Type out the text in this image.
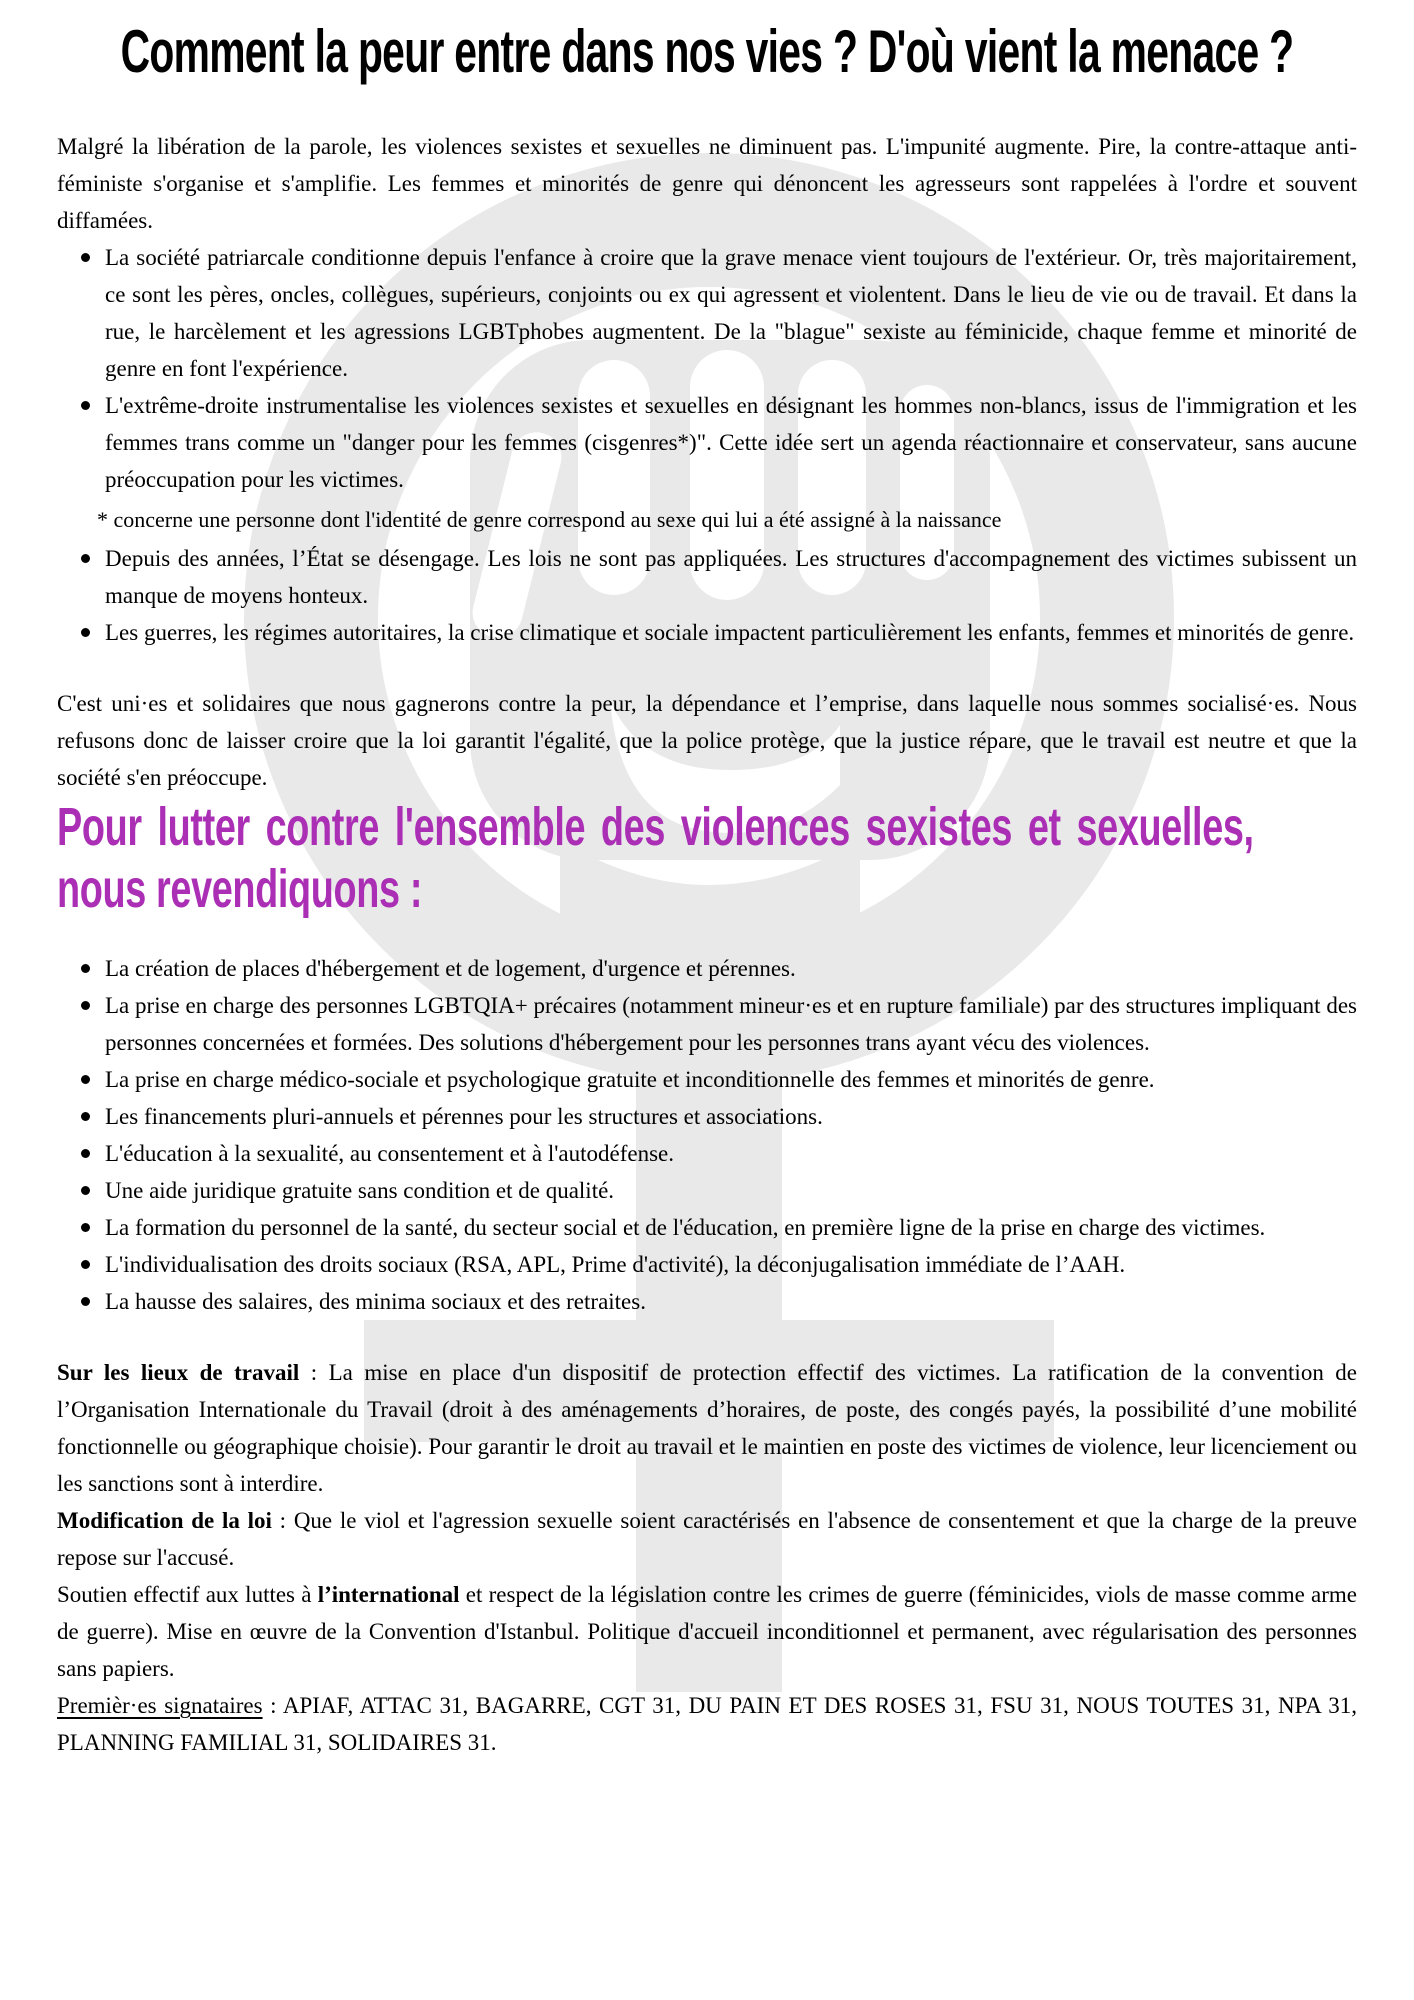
Comment la peur entre dans nos vies ? D'où vient la menace ?

Malgré la libération de la parole, les violences sexistes et sexuelles ne diminuent pas. L'impunité augmente. Pire, la contre-attaque anti-féministe s'organise et s'amplifie. Les femmes et minorités de genre qui dénoncent les agresseurs sont rappelées à l'ordre et souvent diffamées.

La société patriarcale conditionne depuis l'enfance à croire que la grave menace vient toujours de l'extérieur. Or, très majoritairement, ce sont les pères, oncles, collègues, supérieurs, conjoints ou ex qui agressent et violentent. Dans le lieu de vie ou de travail. Et dans la rue, le harcèlement et les agressions LGBTphobes augmentent. De la "blague" sexiste au féminicide, chaque femme et minorité de genre en font l'expérience.
L'extrême-droite instrumentalise les violences sexistes et sexuelles en désignant les hommes non-blancs, issus de l'immigration et les femmes trans comme un "danger pour les femmes (cisgenres*)". Cette idée sert un agenda réactionnaire et conservateur, sans aucune préoccupation pour les victimes.
* concerne une personne dont l'identité de genre correspond au sexe qui lui a été assigné à la naissance
Depuis des années, l’État se désengage. Les lois ne sont pas appliquées. Les structures d'accompagnement des victimes subissent un manque de moyens honteux.
Les guerres, les régimes autoritaires, la crise climatique et sociale impactent particulièrement les enfants, femmes et minorités de genre.

C'est uni·es et solidaires que nous gagnerons contre la peur, la dépendance et l’emprise, dans laquelle nous sommes socialisé·es. Nous refusons donc de laisser croire que la loi garantit l'égalité, que la police protège, que la justice répare, que le travail est neutre et que la société s'en préoccupe.

Pour lutter contre l'ensemble des violences sexistes et sexuelles,
nous revendiquons :
La création de places d'hébergement et de logement, d'urgence et pérennes.
La prise en charge des personnes LGBTQIA+ précaires (notamment mineur·es et en rupture familiale) par des structures impliquant des personnes concernées et formées. Des solutions d'hébergement pour les personnes trans ayant vécu des violences.
La prise en charge médico-sociale et psychologique gratuite et inconditionnelle des femmes et minorités de genre.
Les financements pluri-annuels et pérennes pour les structures et associations.
L'éducation à la sexualité, au consentement et à l'autodéfense.
Une aide juridique gratuite sans condition et de qualité.
La formation du personnel de la santé, du secteur social et de l'éducation, en première ligne de la prise en charge des victimes.
L'individualisation des droits sociaux (RSA, APL, Prime d'activité), la déconjugalisation immédiate de l’AAH.
La hausse des salaires, des minima sociaux et des retraites.

Sur les lieux de travail : La mise en place d'un dispositif de protection effectif des victimes. La ratification de la convention de l’Organisation Internationale du Travail (droit à des aménagements d’horaires, de poste, des congés payés, la possibilité d’une mobilité fonctionnelle ou géographique choisie). Pour garantir le droit au travail et le maintien en poste des victimes de violence, leur licenciement ou les sanctions sont à interdire.

Modification de la loi : Que le viol et l'agression sexuelle soient caractérisés en l'absence de consentement et que la charge de la preuve repose sur l'accusé.

Soutien effectif aux luttes à l’international et respect de la législation contre les crimes de guerre (féminicides, viols de masse comme arme de guerre). Mise en œuvre de la Convention d'Istanbul. Politique d'accueil inconditionnel et permanent, avec régularisation des personnes sans papiers.

Premièr·es signataires : APIAF, ATTAC 31, BAGARRE, CGT 31, DU PAIN ET DES ROSES 31, FSU 31, NOUS TOUTES 31, NPA 31, PLANNING FAMILIAL 31, SOLIDAIRES 31.
